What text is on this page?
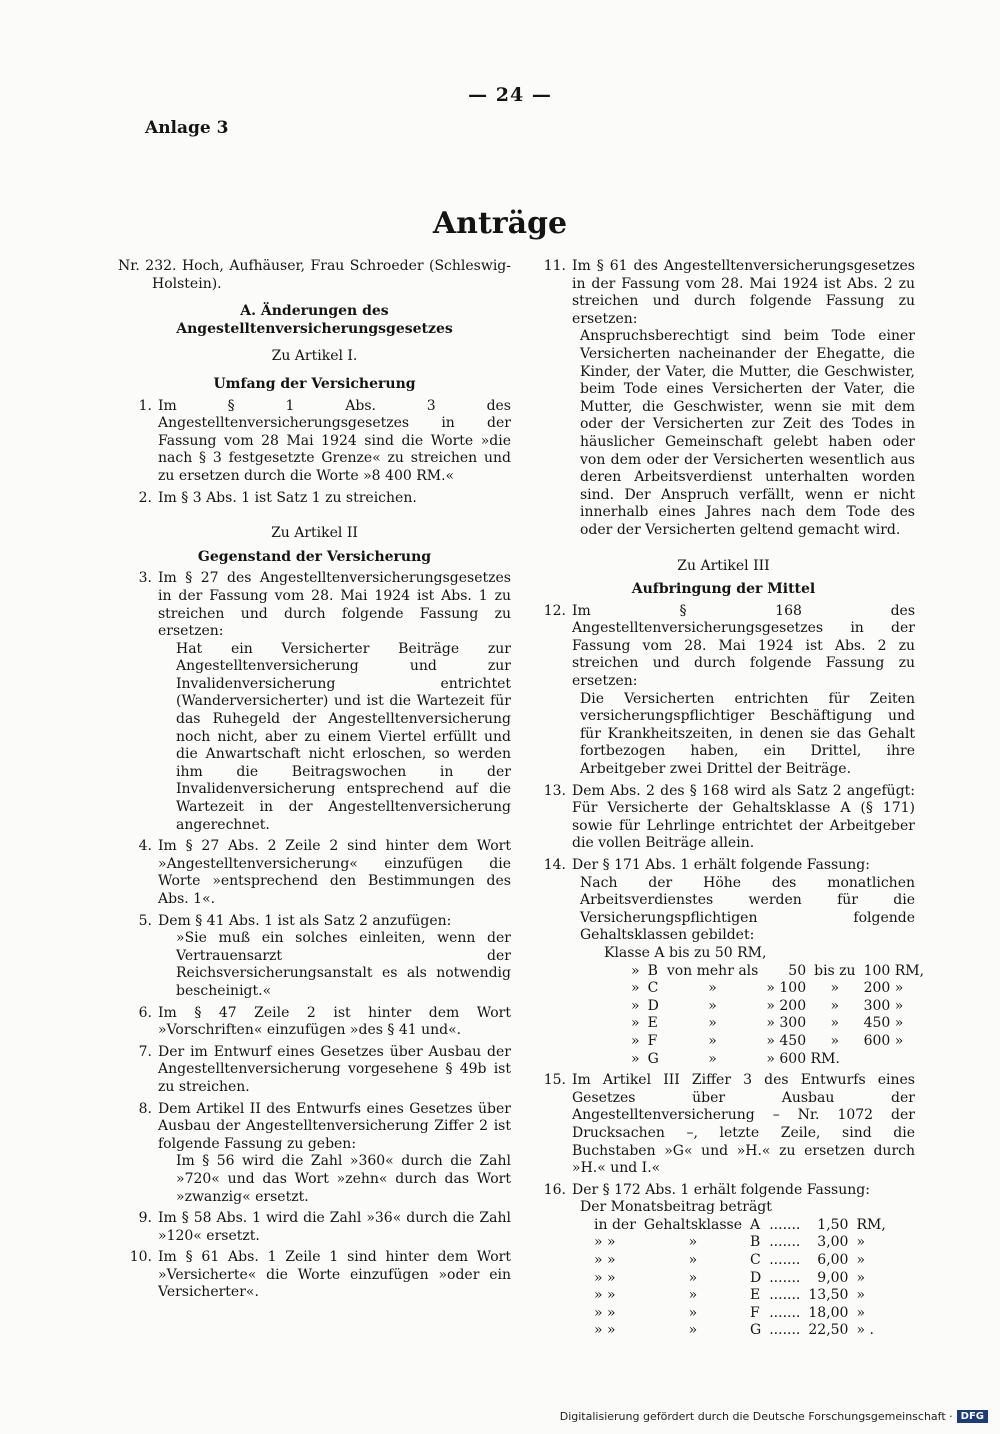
— 24 —
Anlage 3
Anträge

Nr. 232. Hoch, Aufhäuser, Frau Schroeder (Schleswig-Holstein).

A. Änderungen des Angestelltenversicherungsgesetzes

Zu Artikel I.

Umfang der Versicherung

1. Im § 1 Abs. 3 des Angestelltenversicherungsgesetzes in der Fassung vom 28 Mai 1924 sind die Worte »die nach § 3 festgesetzte Grenze« zu streichen und zu ersetzen durch die Worte »8 400 RM.«
2. Im § 3 Abs. 1 ist Satz 1 zu streichen.

Zu Artikel II

Gegenstand der Versicherung

3. Im § 27 des Angestelltenversicherungsgesetzes in der Fassung vom 28. Mai 1924 ist Abs. 1 zu streichen und durch folgende Fassung zu ersetzen:

Hat ein Versicherter Beiträge zur Angestelltenversicherung und zur Invalidenversicherung entrichtet (Wanderversicherter) und ist die Wartezeit für das Ruhegeld der Angestelltenversicherung noch nicht, aber zu einem Viertel erfüllt und die Anwartschaft nicht erloschen, so werden ihm die Beitragswochen in der Invalidenversicherung entsprechend auf die Wartezeit in der Angestelltenversicherung angerechnet.

4. Im § 27 Abs. 2 Zeile 2 sind hinter dem Wort »Angestelltenversicherung« einzufügen die Worte »entsprechend den Bestimmungen des Abs. 1«.
5. Dem § 41 Abs. 1 ist als Satz 2 anzufügen:

»Sie muß ein solches einleiten, wenn der Vertrauensarzt der Reichsversicherungsanstalt es als notwendig bescheinigt.«

6. Im § 47 Zeile 2 ist hinter dem Wort »Vorschriften« einzufügen »des § 41 und«.
7. Der im Entwurf eines Gesetzes über Ausbau der Angestelltenversicherung vorgesehene § 49b ist zu streichen.
8. Dem Artikel II des Entwurfs eines Gesetzes über Ausbau der Angestelltenversicherung Ziffer 2 ist folgende Fassung zu geben:

Im § 56 wird die Zahl »360« durch die Zahl »720« und das Wort »zehn« durch das Wort »zwanzig« ersetzt.

9. Im § 58 Abs. 1 wird die Zahl »36« durch die Zahl »120« ersetzt.
10. Im § 61 Abs. 1 Zeile 1 sind hinter dem Wort »Versicherte« die Worte einzufügen »oder ein Versicherter«.
11. Im § 61 des Angestelltenversicherungsgesetzes in der Fassung vom 28. Mai 1924 ist Abs. 2 zu streichen und durch folgende Fassung zu ersetzen:

Anspruchsberechtigt sind beim Tode einer Versicherten nacheinander der Ehegatte, die Kinder, der Vater, die Mutter, die Geschwister, beim Tode eines Versicherten der Vater, die Mutter, die Geschwister, wenn sie mit dem oder der Versicherten zur Zeit des Todes in häuslicher Gemeinschaft gelebt haben oder von dem oder der Versicherten wesentlich aus deren Arbeitsverdienst unterhalten worden sind. Der Anspruch verfällt, wenn er nicht innerhalb eines Jahres nach dem Tode des oder der Versicherten geltend gemacht wird.

Zu Artikel III

Aufbringung der Mittel

12. Im § 168 des Angestelltenversicherungsgesetzes in der Fassung vom 28. Mai 1924 ist Abs. 2 zu streichen und durch folgende Fassung zu ersetzen:

Die Versicherten entrichten für Zeiten versicherungspflichtiger Beschäftigung und für Krankheitszeiten, in denen sie das Gehalt fortbezogen haben, ein Drittel, ihre Arbeitgeber zwei Drittel der Beiträge.

13. Dem Abs. 2 des § 168 wird als Satz 2 angefügt: Für Versicherte der Gehaltsklasse A (§ 171) sowie für Lehrlinge entrichtet der Arbeitgeber die vollen Beiträge allein.
14. Der § 171 Abs. 1 erhält folgende Fassung:

Nach der Höhe des monatlichen Arbeitsverdienstes werden für die Versicherungspflichtigen folgende Gehaltsklassen gebildet:

Klasse A bis zu 50 RM,

»	B	von mehr als	50	bis zu	100 RM,
»	C	»	» 100	»	200 »
»	D	»	» 200	»	300 »
»	E	»	» 300	»	450 »
»	F	»	» 450	»	600 »
»	G	»	» 600 RM.		
15. Im Artikel III Ziffer 3 des Entwurfs eines Gesetzes über Ausbau der Angestelltenversicherung – Nr. 1072 der Drucksachen –, letzte Zeile, sind die Buchstaben »G« und »H.« zu ersetzen durch »H.« und I.«
16. Der § 172 Abs. 1 erhält folgende Fassung:

Der Monatsbeitrag beträgt

in der	Gehaltsklasse	A	.......	1,50	RM,
» »	»	B	.......	3,00	»
» »	»	C	.......	6,00	»
» »	»	D	.......	9,00	»
» »	»	E	.......	13,50	»
» »	»	F	.......	18,00	»
» »	»	G	.......	22,50	» .
Digitalisierung gefördert durch die Deutsche Forschungsgemeinschaft · DFG
